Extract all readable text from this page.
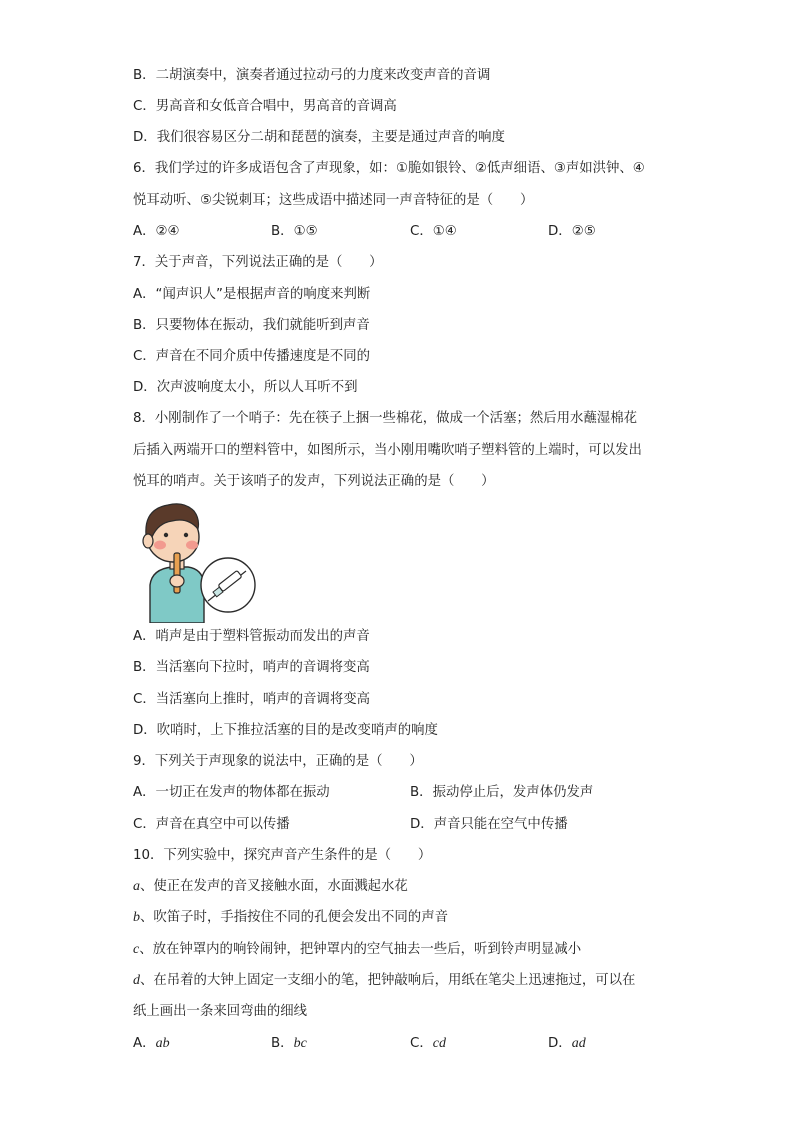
B．二胡演奏中，演奏者通过拉动弓的力度来改变声音的音调
C．男高音和女低音合唱中，男高音的音调高
D．我们很容易区分二胡和琵琶的演奏，主要是通过声音的响度
6．我们学过的许多成语包含了声现象，如：①脆如银铃、②低声细语、③声如洪钟、④
悦耳动听、⑤尖锐刺耳；这些成语中描述同一声音特征的是（　　）
A．②④	B．①⑤	C．①④	D．②⑤
7．关于声音，下列说法正确的是（　　）
A．“闻声识人”是根据声音的响度来判断
B．只要物体在振动，我们就能听到声音
C．声音在不同介质中传播速度是不同的
D．次声波响度太小，所以人耳听不到
8．小刚制作了一个哨子：先在筷子上捆一些棉花，做成一个活塞；然后用水蘸湿棉花
后插入两端开口的塑料管中，如图所示，当小刚用嘴吹哨子塑料管的上端时，可以发出
悦耳的哨声。关于该哨子的发声，下列说法正确的是（　　）
A．哨声是由于塑料管振动而发出的声音
B．当活塞向下拉时，哨声的音调将变高
C．当活塞向上推时，哨声的音调将变高
D．吹哨时，上下推拉活塞的目的是改变哨声的响度
9．下列关于声现象的说法中，正确的是（　　）
A．一切正在发声的物体都在振动	B．振动停止后，发声体仍发声
C．声音在真空中可以传播	D．声音只能在空气中传播
10．下列实验中，探究声音产生条件的是（　　）
a、使正在发声的音叉接触水面，水面溅起水花
b、吹笛子时，手指按住不同的孔便会发出不同的声音
c、放在钟罩内的响铃闹钟，把钟罩内的空气抽去一些后，听到铃声明显减小
d、在吊着的大钟上固定一支细小的笔，把钟敲响后，用纸在笔尖上迅速拖过，可以在
纸上画出一条来回弯曲的细线
A．ab	B．bc	C．cd	D．ad
